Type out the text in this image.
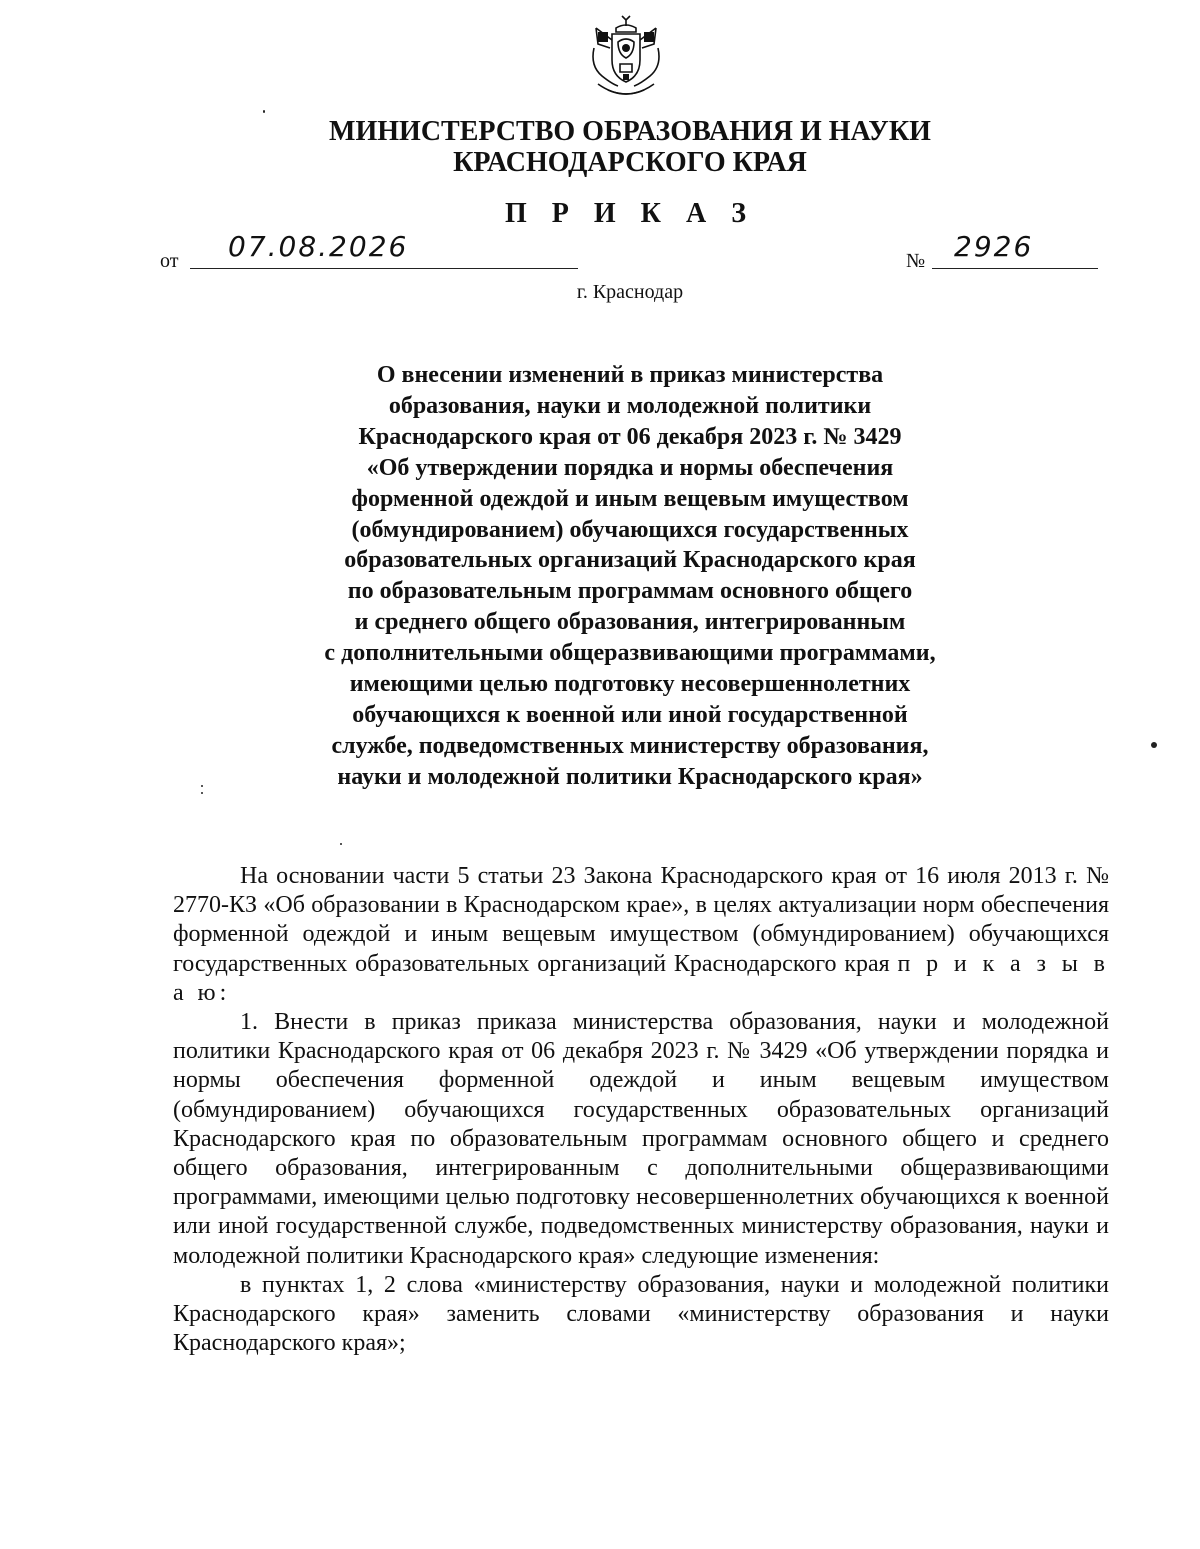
МИНИСТЕРСТВО ОБРАЗОВАНИЯ И НАУКИ
КРАСНОДАРСКОГО КРАЯ
П Р И К А З
от 07.08.2026	№ 2926
г. Краснодар
О внесении изменений в приказ министерства
образования, науки и молодежной политики
Краснодарского края от 06 декабря 2023 г. № 3429
«Об утверждении порядка и нормы обеспечения
форменной одеждой и иным вещевым имуществом
(обмундированием) обучающихся государственных
образовательных организаций Краснодарского края
по образовательным программам основного общего
и среднего общего образования, интегрированным
с дополнительными общеразвивающими программами,
имеющими целью подготовку несовершеннолетних
обучающихся к военной или иной государственной
службе, подведомственных министерству образования,
науки и молодежной политики Краснодарского края»
На основании части 5 статьи 23 Закона Краснодарского края от 16 июля 2013 г. № 2770-КЗ «Об образовании в Краснодарском крае», в целях актуализации норм обеспечения форменной одеждой и иным вещевым имуществом (обмундированием) обучающихся государственных образовательных организаций Краснодарского края п р и к а з ы в а ю:
1. Внести в приказ приказа министерства образования, науки и молодежной политики Краснодарского края от 06 декабря 2023 г. № 3429 «Об утверждении порядка и нормы обеспечения форменной одеждой и иным вещевым имуществом (обмундированием) обучающихся государственных образовательных организаций Краснодарского края по образовательным программам основного общего и среднего общего образования, интегрированным с дополнительными общеразвивающими программами, имеющими целью подготовку несовершеннолетних обучающихся к военной или иной государственной службе, подведомственных министерству образования, науки и молодежной политики Краснодарского края» следующие изменения:
в пунктах 1, 2 слова «министерству образования, науки и молодежной политики Краснодарского края» заменить словами «министерству образования и науки Краснодарского края»;
